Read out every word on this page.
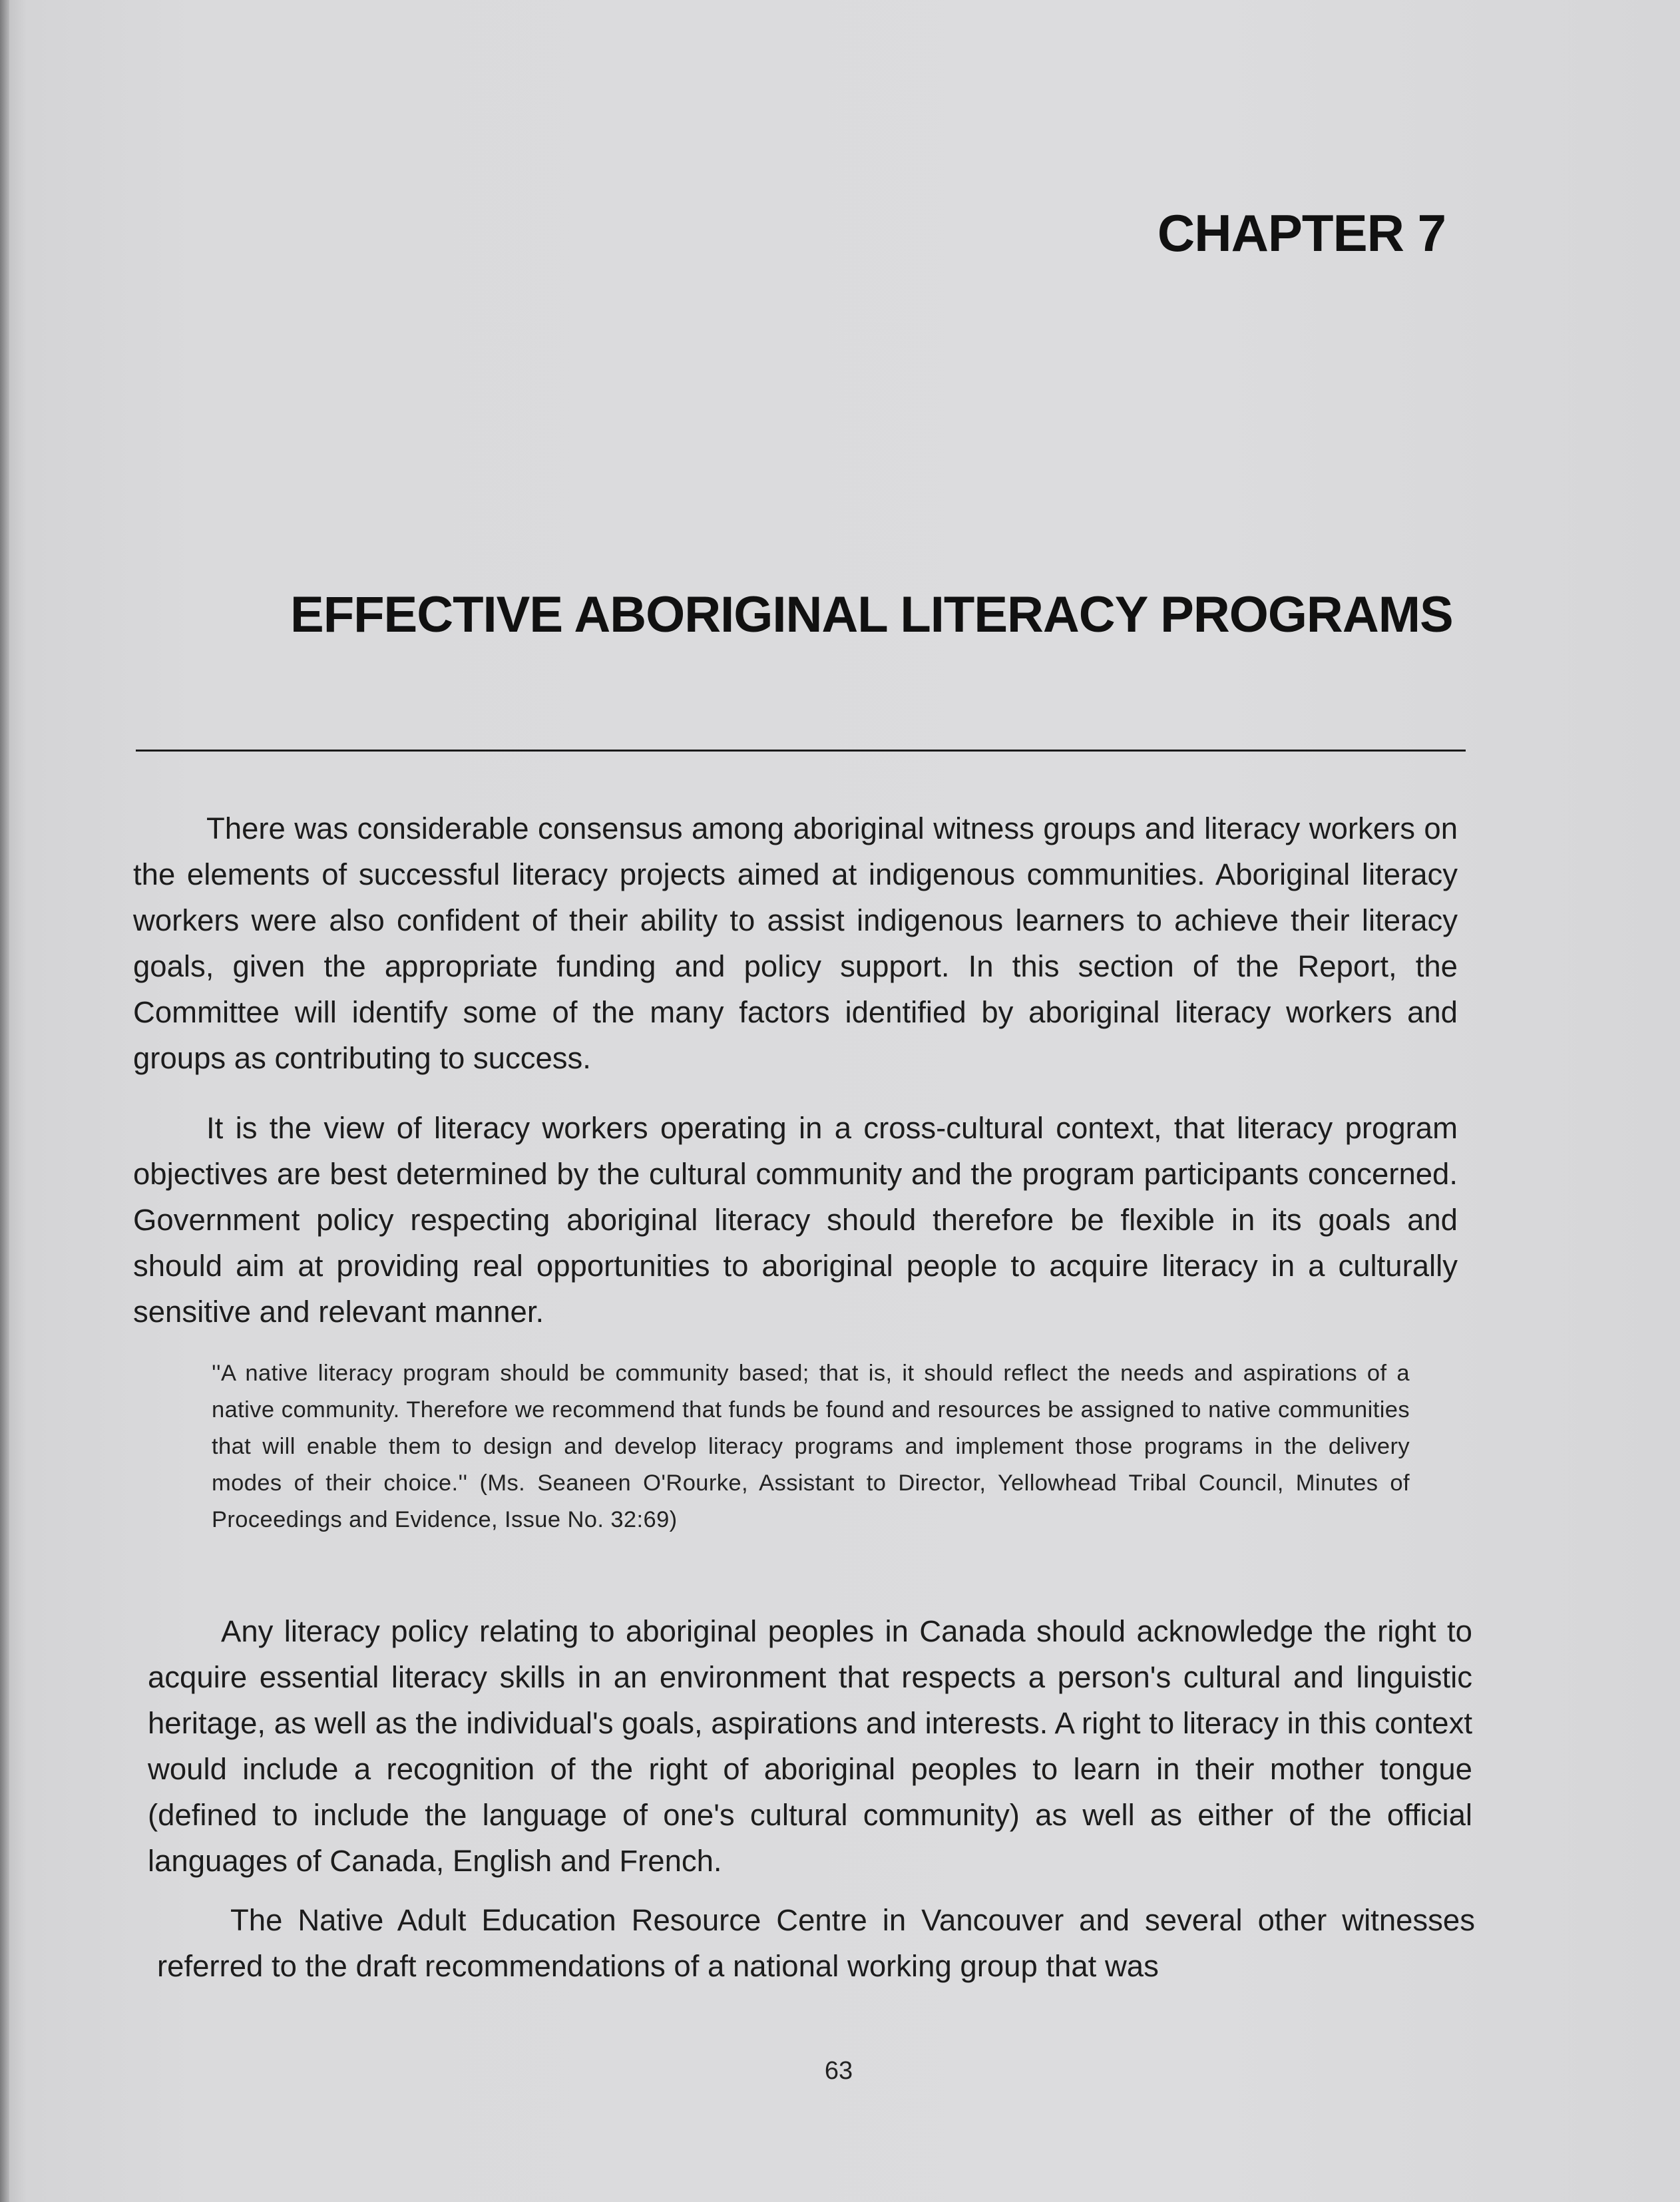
CHAPTER 7
EFFECTIVE ABORIGINAL LITERACY PROGRAMS

There was considerable consensus among aboriginal witness groups and literacy workers on the elements of successful literacy projects aimed at indigenous communities. Aboriginal literacy workers were also confident of their ability to assist indigenous learners to achieve their literacy goals, given the appropriate funding and policy support. In this section of the Report, the Committee will identify some of the many factors identified by aboriginal literacy workers and groups as contributing to success.

It is the view of literacy workers operating in a cross-cultural context, that literacy program objectives are best determined by the cultural community and the program participants concerned. Government policy respecting aboriginal literacy should therefore be flexible in its goals and should aim at providing real opportunities to aboriginal people to acquire literacy in a culturally sensitive and relevant manner.

''A native literacy program should be community based; that is, it should reflect the needs and aspirations of a native community. Therefore we recommend that funds be found and resources be assigned to native communities that will enable them to design and develop literacy programs and implement those programs in the delivery modes of their choice.'' (Ms. Seaneen O'Rourke, Assistant to Director, Yellowhead Tribal Council, Minutes of Proceedings and Evidence, Issue No. 32:69)

Any literacy policy relating to aboriginal peoples in Canada should acknowledge the right to acquire essential literacy skills in an environment that respects a person's cultural and linguistic heritage, as well as the individual's goals, aspirations and interests. A right to literacy in this context would include a recognition of the right of aboriginal peoples to learn in their mother tongue (defined to include the language of one's cultural community) as well as either of the official languages of Canada, English and French.

The Native Adult Education Resource Centre in Vancouver and several other witnesses referred to the draft recommendations of a national working group that was

63
